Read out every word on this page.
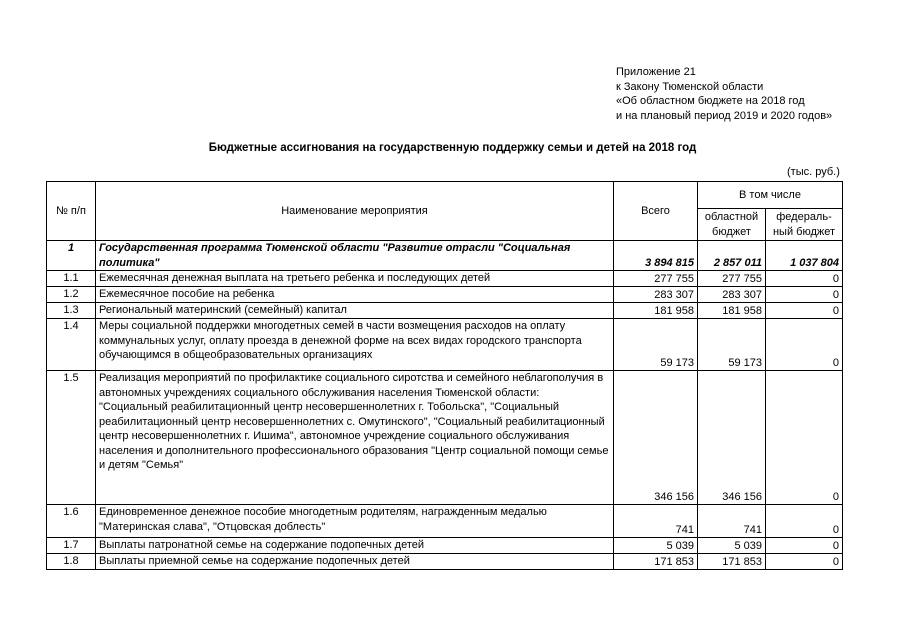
Приложение 21
к Закону Тюменской области
«Об областном бюджете на 2018 год
и на плановый период 2019 и 2020 годов»
Бюджетные ассигнования на государственную поддержку семьи и детей на 2018 год
(тыс. руб.)
№ п/п	Наименование мероприятия	Всего	В том числе	
			областной бюджет	федераль-ный бюджет
1	Государственная программа Тюменской области "Развитие отрасли "Социальная политика"	3 894 815	2 857 011	1 037 804
1.1	Ежемесячная денежная выплата на третьего ребенка и последующих детей	277 755	277 755	0
1.2	Ежемесячное пособие на ребенка	283 307	283 307	0
1.3	Региональный материнский (семейный) капитал	181 958	181 958	0
1.4	Меры социальной поддержки многодетных семей в части возмещения расходов на оплату коммунальных услуг, оплату проезда в денежной форме на всех видах городского транспорта обучающимся в общеобразовательных организациях	59 173	59 173	0
1.5	Реализация мероприятий по профилактике социального сиротства и семейного неблагополучия в автономных учреждениях социального обслуживания населения Тюменской области: "Социальный реабилитационный центр несовершеннолетних г. Тобольска", "Социальный реабилитационный центр несовершеннолетних с. Омутинского", "Социальный реабилитационный центр несовершеннолетних г. Ишима", автономное учреждение социального обслуживания населения и дополнительного профессионального образования "Центр социальной помощи семье и детям "Семья"	346 156	346 156	0
1.6	Единовременное денежное пособие многодетным родителям, награжденным медалью "Материнская слава", "Отцовская доблесть"	741	741	0
1.7	Выплаты патронатной семье на содержание подопечных детей	5 039	5 039	0
1.8	Выплаты приемной семье на содержание подопечных детей	171 853	171 853	0
